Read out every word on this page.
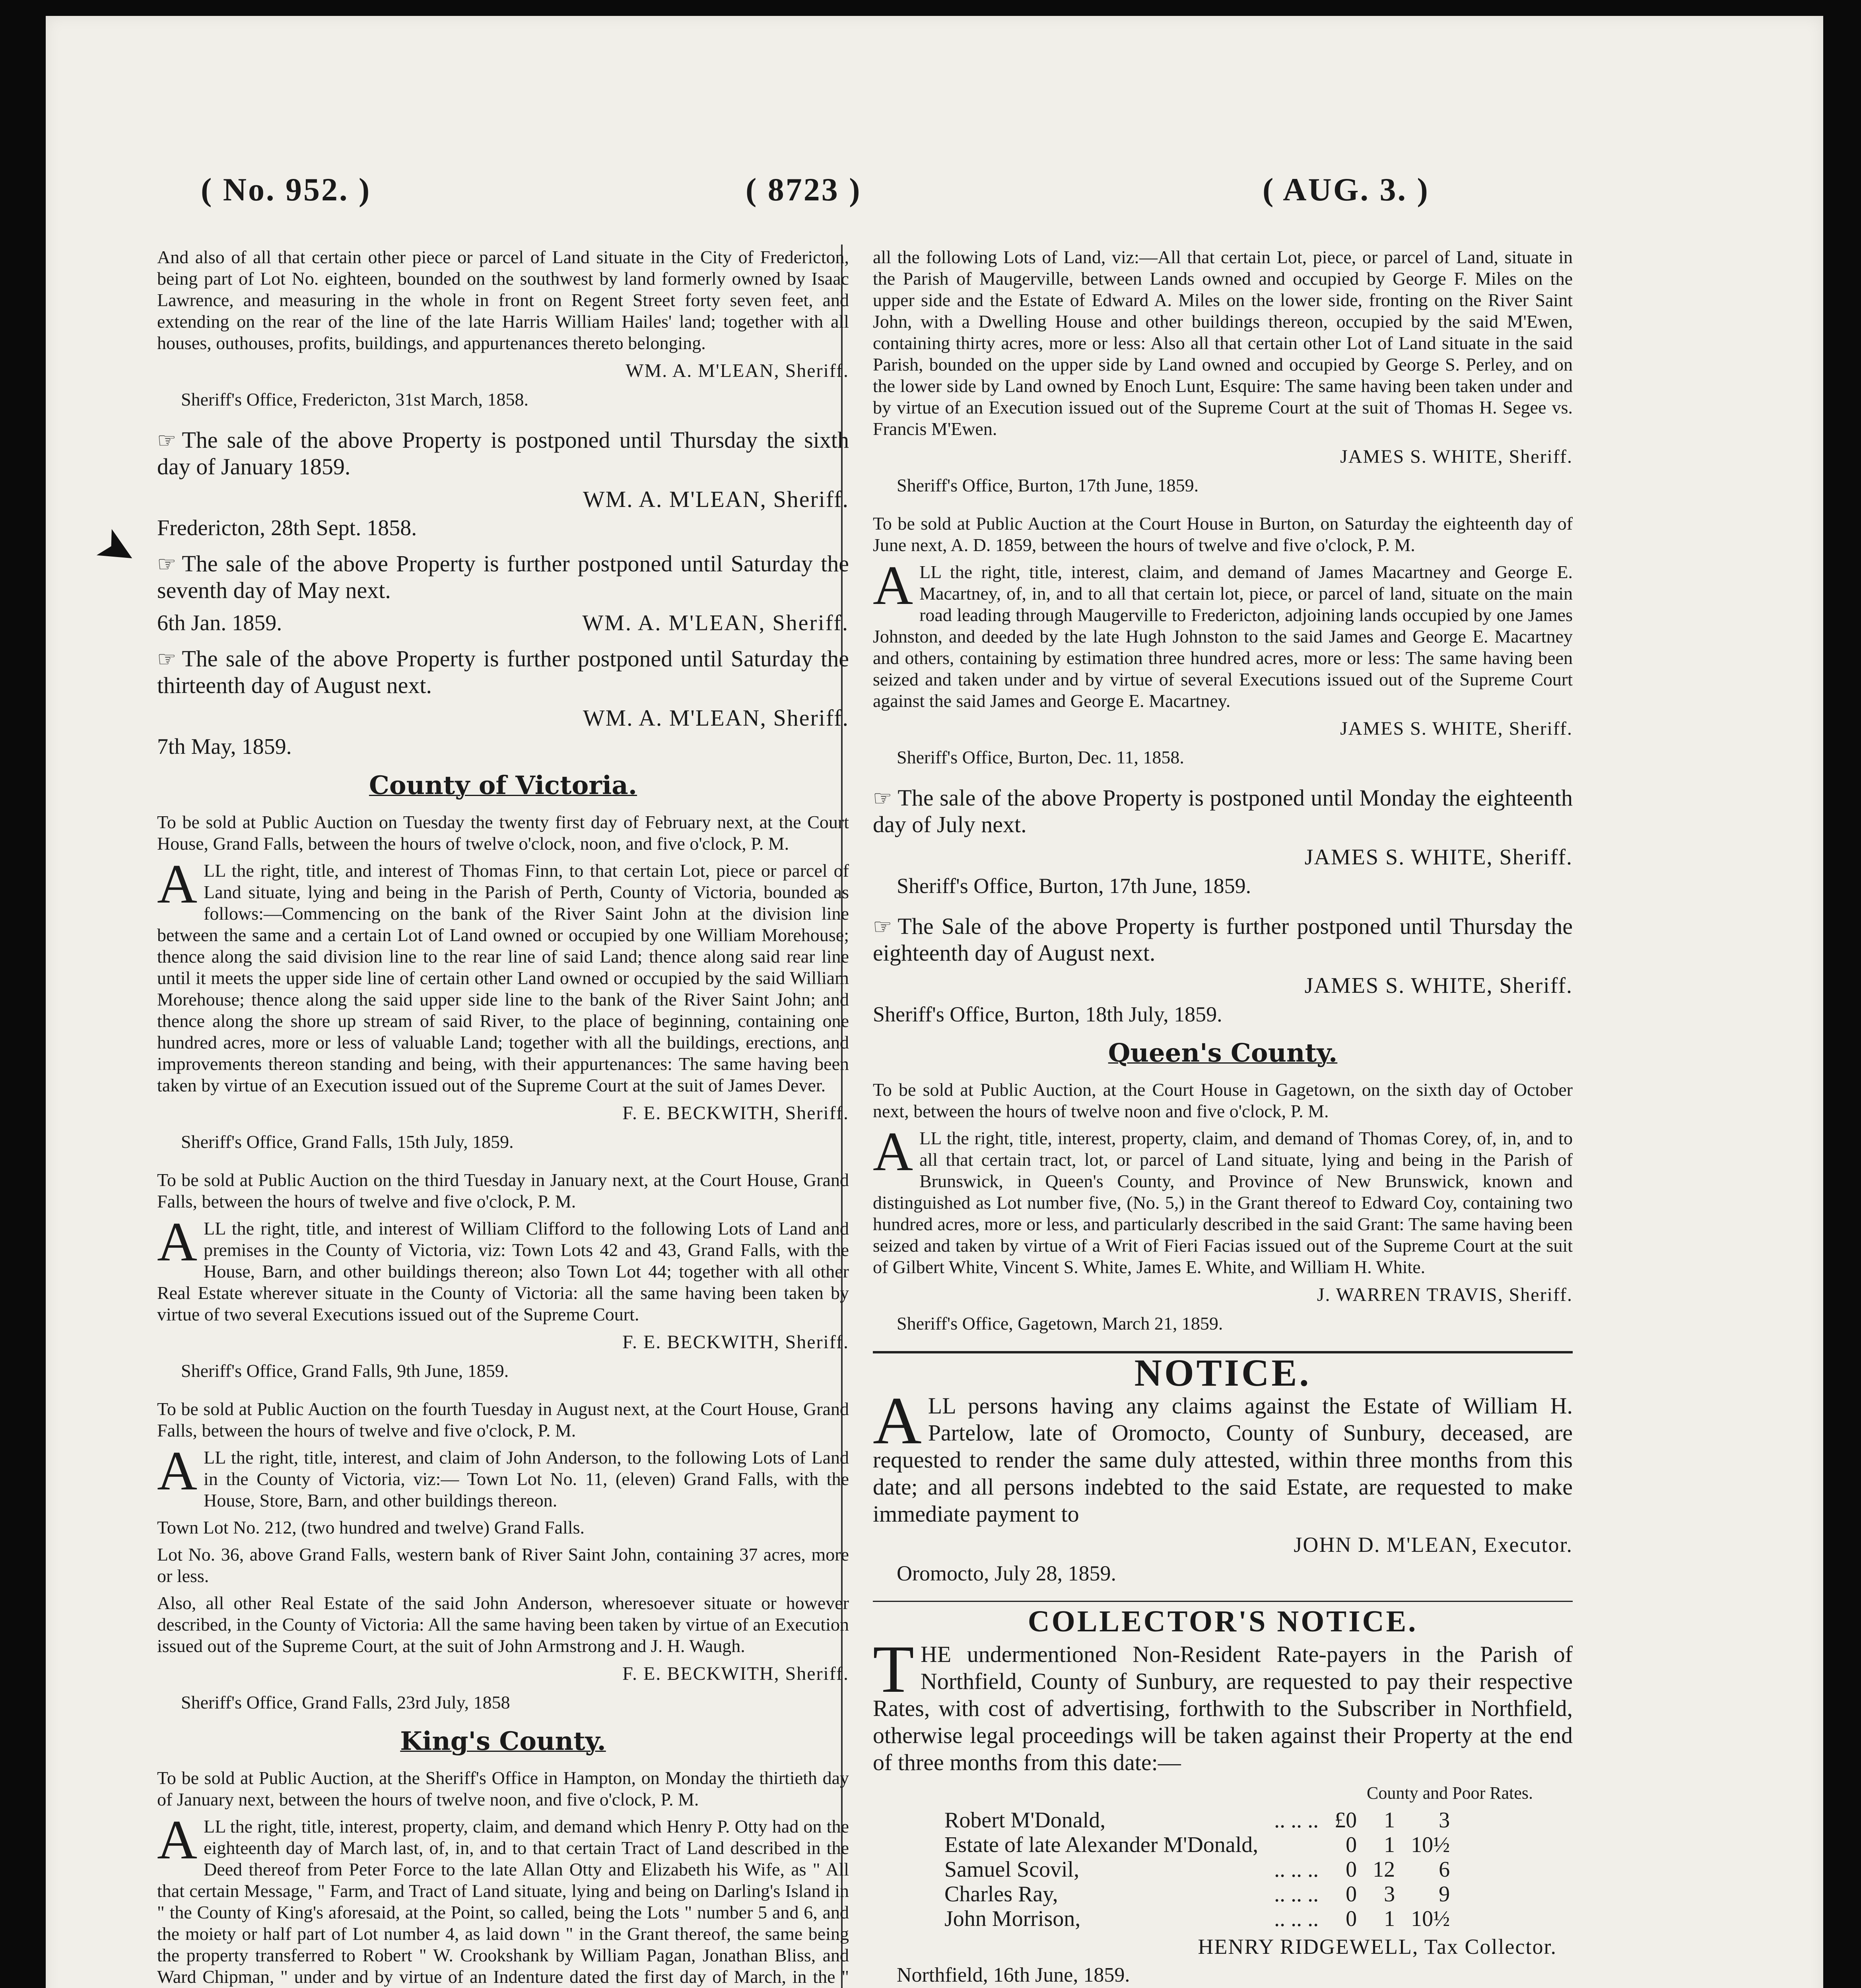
( No. 952. )	( 8723 )	( AUG. 3. )
➤

And also of all that certain other piece or parcel of Land situate in the City of Fredericton, being part of Lot No. eighteen, bounded on the southwest by land formerly owned by Isaac Lawrence, and measuring in the whole in front on Regent Street forty seven feet, and extending on the rear of the line of the late Harris William Hailes' land; together with all houses, outhouses, profits, buildings, and appurtenances thereto belonging.

WM. A. M'LEAN, Sheriff.
Sheriff's Office, Fredericton, 31st March, 1858.

☞ The sale of the above Property is postponed until Thursday the sixth day of January 1859.

WM. A. M'LEAN, Sheriff.
Fredericton, 28th Sept. 1858.

☞ The sale of the above Property is further postponed until Saturday the seventh day of May next.

6th Jan. 1859.	WM. A. M'LEAN, Sheriff.

☞ The sale of the above Property is further postponed until Saturday the thirteenth day of August next.

WM. A. M'LEAN, Sheriff.
7th May, 1859.
County of Victoria.

To be sold at Public Auction on Tuesday the twenty first day of February next, at the Court House, Grand Falls, between the hours of twelve o'clock, noon, and five o'clock, P. M.

ALL the right, title, and interest of Thomas Finn, to that certain Lot, piece or parcel of Land situate, lying and being in the Parish of Perth, County of Victoria, bounded as follows:—Commencing on the bank of the River Saint John at the division line between the same and a certain Lot of Land owned or occupied by one William Morehouse; thence along the said division line to the rear line of said Land; thence along said rear line until it meets the upper side line of certain other Land owned or occupied by the said William Morehouse; thence along the said upper side line to the bank of the River Saint John; and thence along the shore up stream of said River, to the place of beginning, containing one hundred acres, more or less of valuable Land; together with all the buildings, erections, and improvements thereon standing and being, with their appurtenances: The same having been taken by virtue of an Execution issued out of the Supreme Court at the suit of James Dever.

F. E. BECKWITH, Sheriff.
Sheriff's Office, Grand Falls, 15th July, 1859.

To be sold at Public Auction on the third Tuesday in January next, at the Court House, Grand Falls, between the hours of twelve and five o'clock, P. M.

ALL the right, title, and interest of William Clifford to the following Lots of Land and premises in the County of Victoria, viz: Town Lots 42 and 43, Grand Falls, with the House, Barn, and other buildings thereon; also Town Lot 44; together with all other Real Estate wherever situate in the County of Victoria: all the same having been taken by virtue of two several Executions issued out of the Supreme Court.

F. E. BECKWITH, Sheriff.
Sheriff's Office, Grand Falls, 9th June, 1859.

To be sold at Public Auction on the fourth Tuesday in August next, at the Court House, Grand Falls, between the hours of twelve and five o'clock, P. M.

ALL the right, title, interest, and claim of John Anderson, to the following Lots of Land in the County of Victoria, viz:— Town Lot No. 11, (eleven) Grand Falls, with the House, Store, Barn, and other buildings thereon.

Town Lot No. 212, (two hundred and twelve) Grand Falls.

Lot No. 36, above Grand Falls, western bank of River Saint John, containing 37 acres, more or less.

Also, all other Real Estate of the said John Anderson, wheresoever situate or however described, in the County of Victoria: All the same having been taken by virtue of an Execution issued out of the Supreme Court, at the suit of John Armstrong and J. H. Waugh.

F. E. BECKWITH, Sheriff.
Sheriff's Office, Grand Falls, 23rd July, 1858
King's County.

To be sold at Public Auction, at the Sheriff's Office in Hampton, on Monday the thirtieth day of January next, between the hours of twelve noon, and five o'clock, P. M.

ALL the right, title, interest, property, claim, and demand which Henry P. Otty had on the eighteenth day of March last, of, in, and to that certain Tract of Land described in the Deed thereof from Peter Force to the late Allan Otty and Elizabeth his Wife, as " All that certain Message, " Farm, and Tract of Land situate, lying and being on Darling's Island in " the County of King's aforesaid, at the Point, so called, being the Lots " number 5 and 6, and the moiety or half part of Lot number 4, as laid down " in the Grant thereof, the same being the property transferred to Robert " W. Crookshank by William Pagan, Jonathan Bliss, and Ward Chipman, " under and by virtue of an Indenture dated the first day of March, in the "

all the following Lots of Land, viz:—All that certain Lot, piece, or parcel of Land, situate in the Parish of Maugerville, between Lands owned and occupied by George F. Miles on the upper side and the Estate of Edward A. Miles on the lower side, fronting on the River Saint John, with a Dwelling House and other buildings thereon, occupied by the said M'Ewen, containing thirty acres, more or less: Also all that certain other Lot of Land situate in the said Parish, bounded on the upper side by Land owned and occupied by George S. Perley, and on the lower side by Land owned by Enoch Lunt, Esquire: The same having been taken under and by virtue of an Execution issued out of the Supreme Court at the suit of Thomas H. Segee vs. Francis M'Ewen.

JAMES S. WHITE, Sheriff.
Sheriff's Office, Burton, 17th June, 1859.

To be sold at Public Auction at the Court House in Burton, on Saturday the eighteenth day of June next, A. D. 1859, between the hours of twelve and five o'clock, P. M.

ALL the right, title, interest, claim, and demand of James Macartney and George E. Macartney, of, in, and to all that certain lot, piece, or parcel of land, situate on the main road leading through Maugerville to Fredericton, adjoining lands occupied by one James Johnston, and deeded by the late Hugh Johnston to the said James and George E. Macartney and others, containing by estimation three hundred acres, more or less: The same having been seized and taken under and by virtue of several Executions issued out of the Supreme Court against the said James and George E. Macartney.

JAMES S. WHITE, Sheriff.
Sheriff's Office, Burton, Dec. 11, 1858.

☞ The sale of the above Property is postponed until Monday the eighteenth day of July next.

JAMES S. WHITE, Sheriff.
Sheriff's Office, Burton, 17th June, 1859.

☞ The Sale of the above Property is further postponed until Thursday the eighteenth day of August next.

JAMES S. WHITE, Sheriff.
Sheriff's Office, Burton, 18th July, 1859.
Queen's County.

To be sold at Public Auction, at the Court House in Gagetown, on the sixth day of October next, between the hours of twelve noon and five o'clock, P. M.

ALL the right, title, interest, property, claim, and demand of Thomas Corey, of, in, and to all that certain tract, lot, or parcel of Land situate, lying and being in the Parish of Brunswick, in Queen's County, and Province of New Brunswick, known and distinguished as Lot number five, (No. 5,) in the Grant thereof to Edward Coy, containing two hundred acres, more or less, and particularly described in the said Grant: The same having been seized and taken by virtue of a Writ of Fieri Facias issued out of the Supreme Court at the suit of Gilbert White, Vincent S. White, James E. White, and William H. White.

J. WARREN TRAVIS, Sheriff.
Sheriff's Office, Gagetown, March 21, 1859.
NOTICE.

ALL persons having any claims against the Estate of William H. Partelow, late of Oromocto, County of Sunbury, deceased, are requested to render the same duly attested, within three months from this date; and all persons indebted to the said Estate, are requested to make immediate payment to

JOHN D. M'LEAN, Executor.
Oromocto, July 28, 1859.
COLLECTOR'S NOTICE.

THE undermentioned Non-Resident Rate-payers in the Parish of Northfield, County of Sunbury, are requested to pay their respective Rates, with cost of advertising, forthwith to the Subscriber in Northfield, otherwise legal proceedings will be taken against their Property at the end of three months from this date:—

County and Poor Rates.
Robert M'Donald,	.. .. ..	£0	1	3
Estate of late Alexander M'Donald,		0	1	10½
Samuel Scovil,	.. .. ..	0	12	6
Charles Ray,	.. .. ..	0	3	9
John Morrison,	.. .. ..	0	1	10½
HENRY RIDGEWELL, Tax Collector.
Northfield, 16th June, 1859.
